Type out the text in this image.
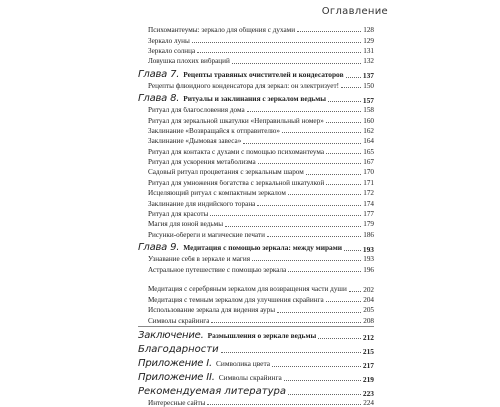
Оглавление
Психомантеумы: зеркало для общения с духами	128
Зеркало луны	129
Зеркало солнца	131
Ловушка плохих вибраций	132
Глава 7. Рецепты травяных очистителей и кондесаторов	137
Рецепты флюидного конденсатора для зеркал: он электризует!	150
Глава 8. Ритуалы и заклинания с зеркалом ведьмы	157
Ритуал для благословения дома	158
Ритуал для зеркальной шкатулки «Неправильный номер»	160
Заклинание «Возвращайся к отправителю»	162
Заклинание «Дымовая завеса»	164
Ритуал для контакта с духами с помощью психомантеума	165
Ритуал для ускорения метаболизма	167
Садовый ритуал процветания с зеркальным шаром	170
Ритуал для умножения богатства с зеркальной шкатулкой	171
Исцеляющий ритуал с компактным зеркалом	172
Заклинание для индийского торана	174
Ритуал для красоты	177
Магия для юной ведьмы	179
Рисунки-обереги и магические печати	186
Глава 9. Медитация с помощью зеркала: между мирами	193
Узнавание себя в зеркале и магия	193
Астральное путешествие с помощью зеркала	196
Медитация с серебряным зеркалом для возвращения части души 202
Медитация с темным зеркалом для улучшения скрайинга	204
Использование зеркала для видения ауры	205
Символы скрайинга	208
Заключение. Размышления о зеркале ведьмы	212
Благодарности	215
Приложение I. Символика цвета	217
Приложение II. Символы скрайинга	219
Рекомендуемая литература	223
Интересные сайты	224
